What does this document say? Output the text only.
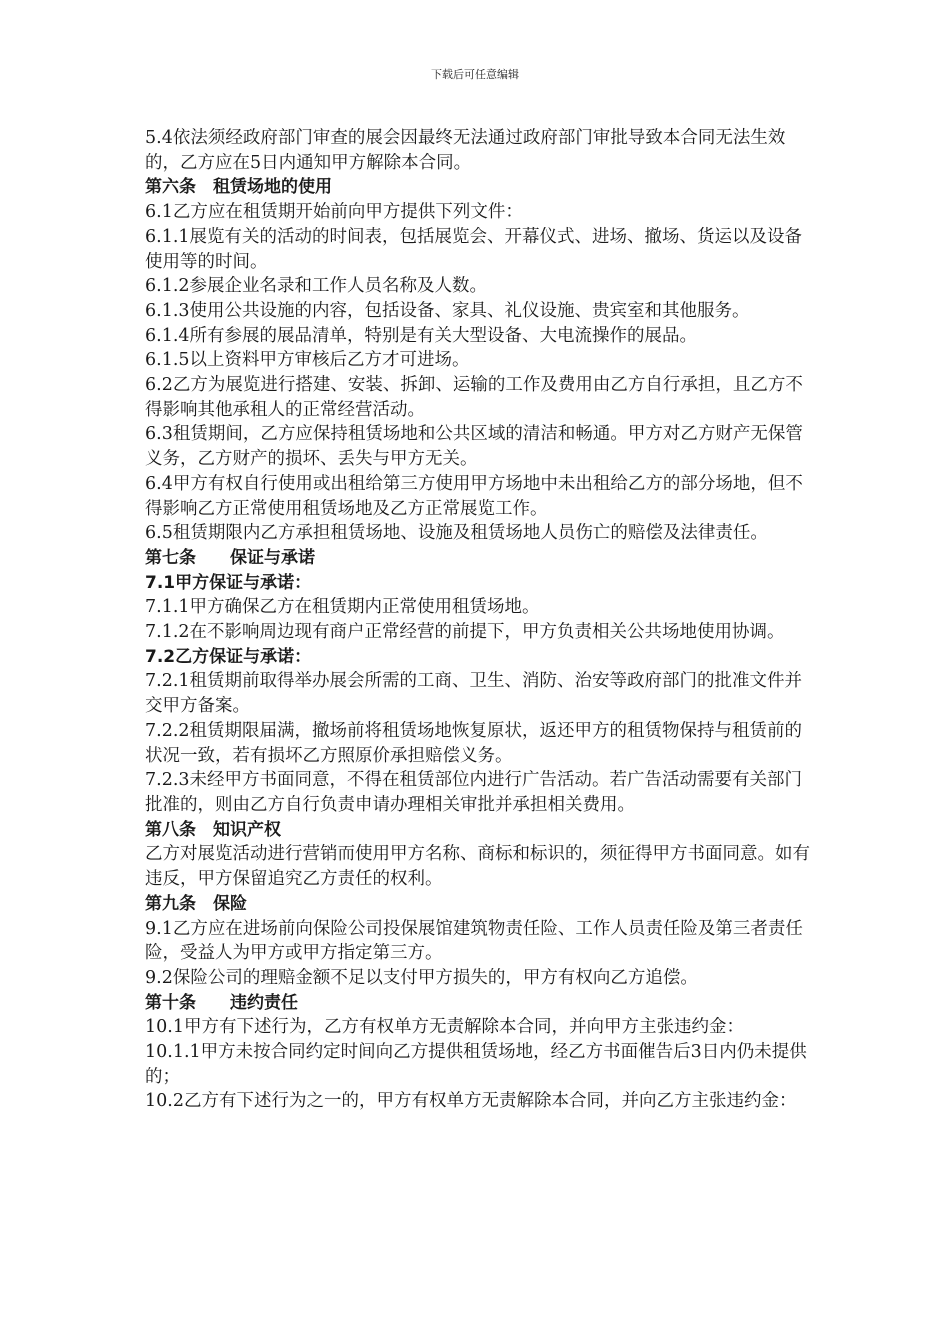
下载后可任意编辑

5.4依法须经政府部门审查的展会因最终无法通过政府部门审批导致本合同无法生效的，乙方应在5日内通知甲方解除本合同。

第六条　租赁场地的使用

6.1乙方应在租赁期开始前向甲方提供下列文件：

6.1.1展览有关的活动的时间表，包括展览会、开幕仪式、进场、撤场、货运以及设备使用等的时间。

6.1.2参展企业名录和工作人员名称及人数。

6.1.3使用公共设施的内容，包括设备、家具、礼仪设施、贵宾室和其他服务。

6.1.4所有参展的展品清单，特别是有关大型设备、大电流操作的展品。

6.1.5以上资料甲方审核后乙方才可进场。

6.2乙方为展览进行搭建、安装、拆卸、运输的工作及费用由乙方自行承担，且乙方不得影响其他承租人的正常经营活动。

6.3租赁期间，乙方应保持租赁场地和公共区域的清洁和畅通。甲方对乙方财产无保管义务，乙方财产的损坏、丢失与甲方无关。

6.4甲方有权自行使用或出租给第三方使用甲方场地中未出租给乙方的部分场地，但不得影响乙方正常使用租赁场地及乙方正常展览工作。

6.5租赁期限内乙方承担租赁场地、设施及租赁场地人员伤亡的赔偿及法律责任。

第七条　　保证与承诺

7.1甲方保证与承诺：

7.1.1甲方确保乙方在租赁期内正常使用租赁场地。

7.1.2在不影响周边现有商户正常经营的前提下，甲方负责相关公共场地使用协调。

7.2乙方保证与承诺：

7.2.1租赁期前取得举办展会所需的工商、卫生、消防、治安等政府部门的批准文件并交甲方备案。

7.2.2租赁期限届满，撤场前将租赁场地恢复原状，返还甲方的租赁物保持与租赁前的状况一致，若有损坏乙方照原价承担赔偿义务。

7.2.3未经甲方书面同意，不得在租赁部位内进行广告活动。若广告活动需要有关部门批准的，则由乙方自行负责申请办理相关审批并承担相关费用。

第八条　知识产权

乙方对展览活动进行营销而使用甲方名称、商标和标识的，须征得甲方书面同意。如有违反，甲方保留追究乙方责任的权利。

第九条　保险

9.1乙方应在进场前向保险公司投保展馆建筑物责任险、工作人员责任险及第三者责任险，受益人为甲方或甲方指定第三方。

9.2保险公司的理赔金额不足以支付甲方损失的，甲方有权向乙方追偿。

第十条　　违约责任

10.1甲方有下述行为，乙方有权单方无责解除本合同，并向甲方主张违约金：

10.1.1甲方未按合同约定时间向乙方提供租赁场地，经乙方书面催告后3日内仍未提供的；

10.2乙方有下述行为之一的，甲方有权单方无责解除本合同，并向乙方主张违约金：
